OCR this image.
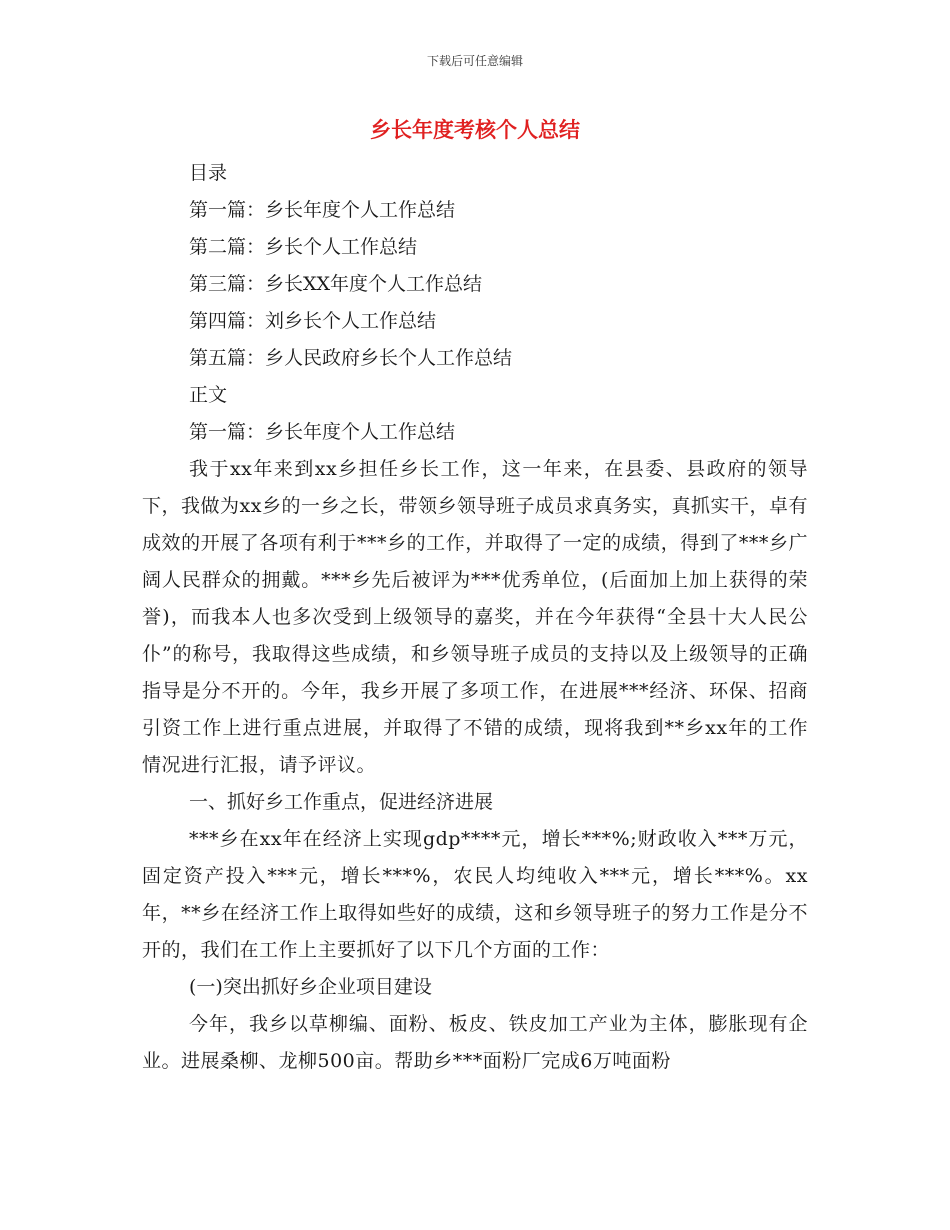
下载后可任意编辑
乡长年度考核个人总结

目录

第一篇：乡长年度个人工作总结

第二篇：乡长个人工作总结

第三篇：乡长XX年度个人工作总结

第四篇：刘乡长个人工作总结

第五篇：乡人民政府乡长个人工作总结

正文

第一篇：乡长年度个人工作总结

我于xx年来到xx乡担任乡长工作，这一年来，在县委、县政府的领导下，我做为xx乡的一乡之长，带领乡领导班子成员求真务实，真抓实干，卓有成效的开展了各项有利于***乡的工作，并取得了一定的成绩，得到了***乡广阔人民群众的拥戴。***乡先后被评为***优秀单位，(后面加上加上获得的荣誉)，而我本人也多次受到上级领导的嘉奖，并在今年获得“全县十大人民公仆”的称号，我取得这些成绩，和乡领导班子成员的支持以及上级领导的正确指导是分不开的。今年，我乡开展了多项工作，在进展***经济、环保、招商引资工作上进行重点进展，并取得了不错的成绩，现将我到**乡xx年的工作情况进行汇报，请予评议。

一、抓好乡工作重点，促进经济进展

***乡在xx年在经济上实现gdp****元，增长***%;财政收入***万元，固定资产投入***元，增长***%，农民人均纯收入***元，增长***%。xx年，**乡在经济工作上取得如些好的成绩，这和乡领导班子的努力工作是分不开的，我们在工作上主要抓好了以下几个方面的工作：

(一)突出抓好乡企业项目建设

今年，我乡以草柳编、面粉、板皮、铁皮加工产业为主体，膨胀现有企业。进展桑柳、龙柳500亩。帮助乡***面粉厂完成6万吨面粉
